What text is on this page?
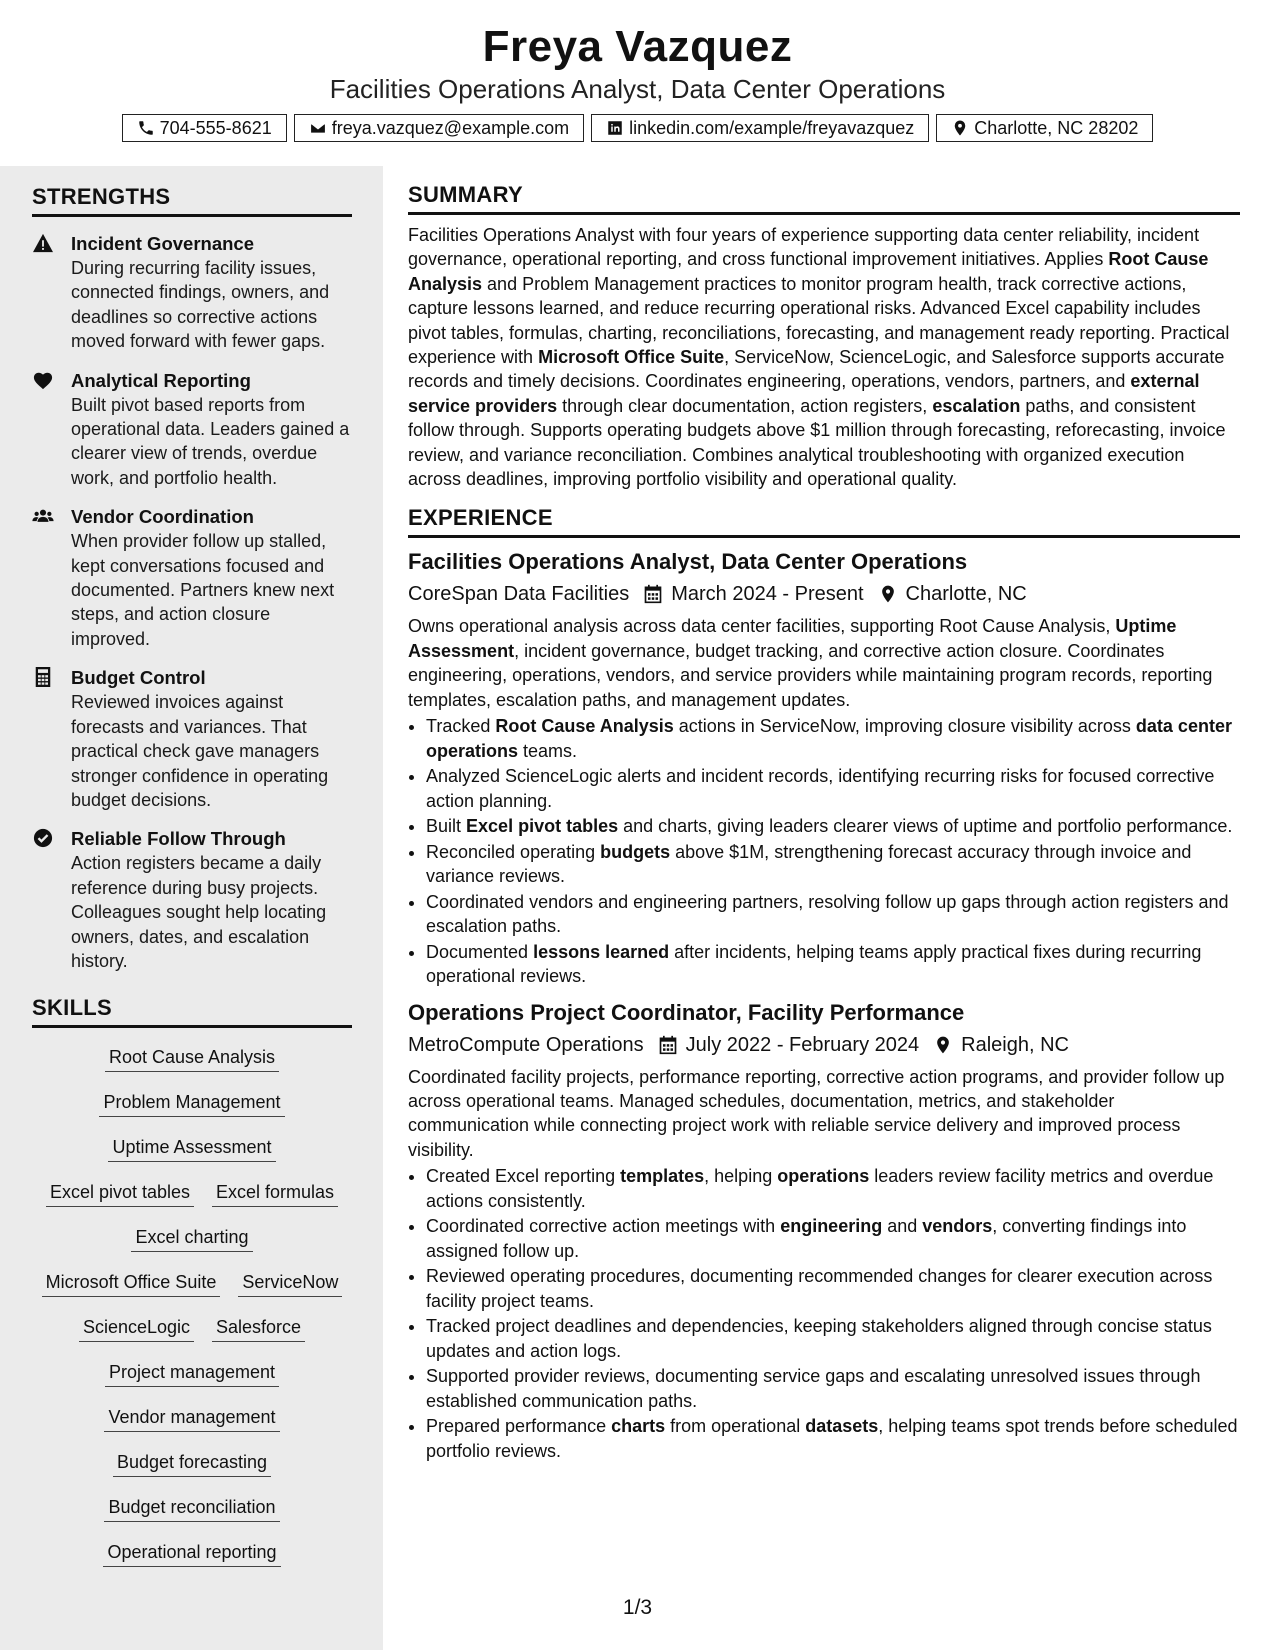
Freya Vazquez
Facilities Operations Analyst, Data Center Operations
704-555-8621	freya.vazquez@example.com	linkedin.com/example/freyavazquez	Charlotte, NC 28202
STRENGTHS
Incident Governance
During recurring facility issues, connected findings, owners, and deadlines so corrective actions moved forward with fewer gaps.
Analytical Reporting
Built pivot based reports from operational data. Leaders gained a clearer view of trends, overdue work, and portfolio health.
Vendor Coordination
When provider follow up stalled, kept conversations focused and documented. Partners knew next steps, and action closure improved.
Budget Control
Reviewed invoices against forecasts and variances. That practical check gave managers stronger confidence in operating budget decisions.
Reliable Follow Through
Action registers became a daily reference during busy projects. Colleagues sought help locating owners, dates, and escalation history.
SKILLS
Root Cause Analysis
Problem Management
Uptime Assessment
Excel pivot tables Excel formulas
Excel charting
Microsoft Office Suite ServiceNow
ScienceLogic Salesforce
Project management
Vendor management
Budget forecasting
Budget reconciliation
Operational reporting
SUMMARY
Facilities Operations Analyst with four years of experience supporting data center reliability, incident governance, operational reporting, and cross functional improvement initiatives. Applies Root Cause Analysis and Problem Management practices to monitor program health, track corrective actions, capture lessons learned, and reduce recurring operational risks. Advanced Excel capability includes pivot tables, formulas, charting, reconciliations, forecasting, and management ready reporting. Practical experience with Microsoft Office Suite, ServiceNow, ScienceLogic, and Salesforce supports accurate records and timely decisions. Coordinates engineering, operations, vendors, partners, and external service providers through clear documentation, action registers, escalation paths, and consistent follow through. Supports operating budgets above $1 million through forecasting, reforecasting, invoice review, and variance reconciliation. Combines analytical troubleshooting with organized execution across deadlines, improving portfolio visibility and operational quality.
EXPERIENCE
Facilities Operations Analyst, Data Center Operations
CoreSpan Data Facilities March 2024 - Present Charlotte, NC
Owns operational analysis across data center facilities, supporting Root Cause Analysis, Uptime Assessment, incident governance, budget tracking, and corrective action closure. Coordinates engineering, operations, vendors, and service providers while maintaining program records, reporting templates, escalation paths, and management updates.
• Tracked Root Cause Analysis actions in ServiceNow, improving closure visibility across data center operations teams.
• Analyzed ScienceLogic alerts and incident records, identifying recurring risks for focused corrective action planning.
• Built Excel pivot tables and charts, giving leaders clearer views of uptime and portfolio performance.
• Reconciled operating budgets above $1M, strengthening forecast accuracy through invoice and variance reviews.
• Coordinated vendors and engineering partners, resolving follow up gaps through action registers and escalation paths.
• Documented lessons learned after incidents, helping teams apply practical fixes during recurring operational reviews.
Operations Project Coordinator, Facility Performance
MetroCompute Operations July 2022 - February 2024 Raleigh, NC
Coordinated facility projects, performance reporting, corrective action programs, and provider follow up across operational teams. Managed schedules, documentation, metrics, and stakeholder communication while connecting project work with reliable service delivery and improved process visibility.
• Created Excel reporting templates, helping operations leaders review facility metrics and overdue actions consistently.
• Coordinated corrective action meetings with engineering and vendors, converting findings into assigned follow up.
• Reviewed operating procedures, documenting recommended changes for clearer execution across facility project teams.
• Tracked project deadlines and dependencies, keeping stakeholders aligned through concise status updates and action logs.
• Supported provider reviews, documenting service gaps and escalating unresolved issues through established communication paths.
• Prepared performance charts from operational datasets, helping teams spot trends before scheduled portfolio reviews.
1/3
